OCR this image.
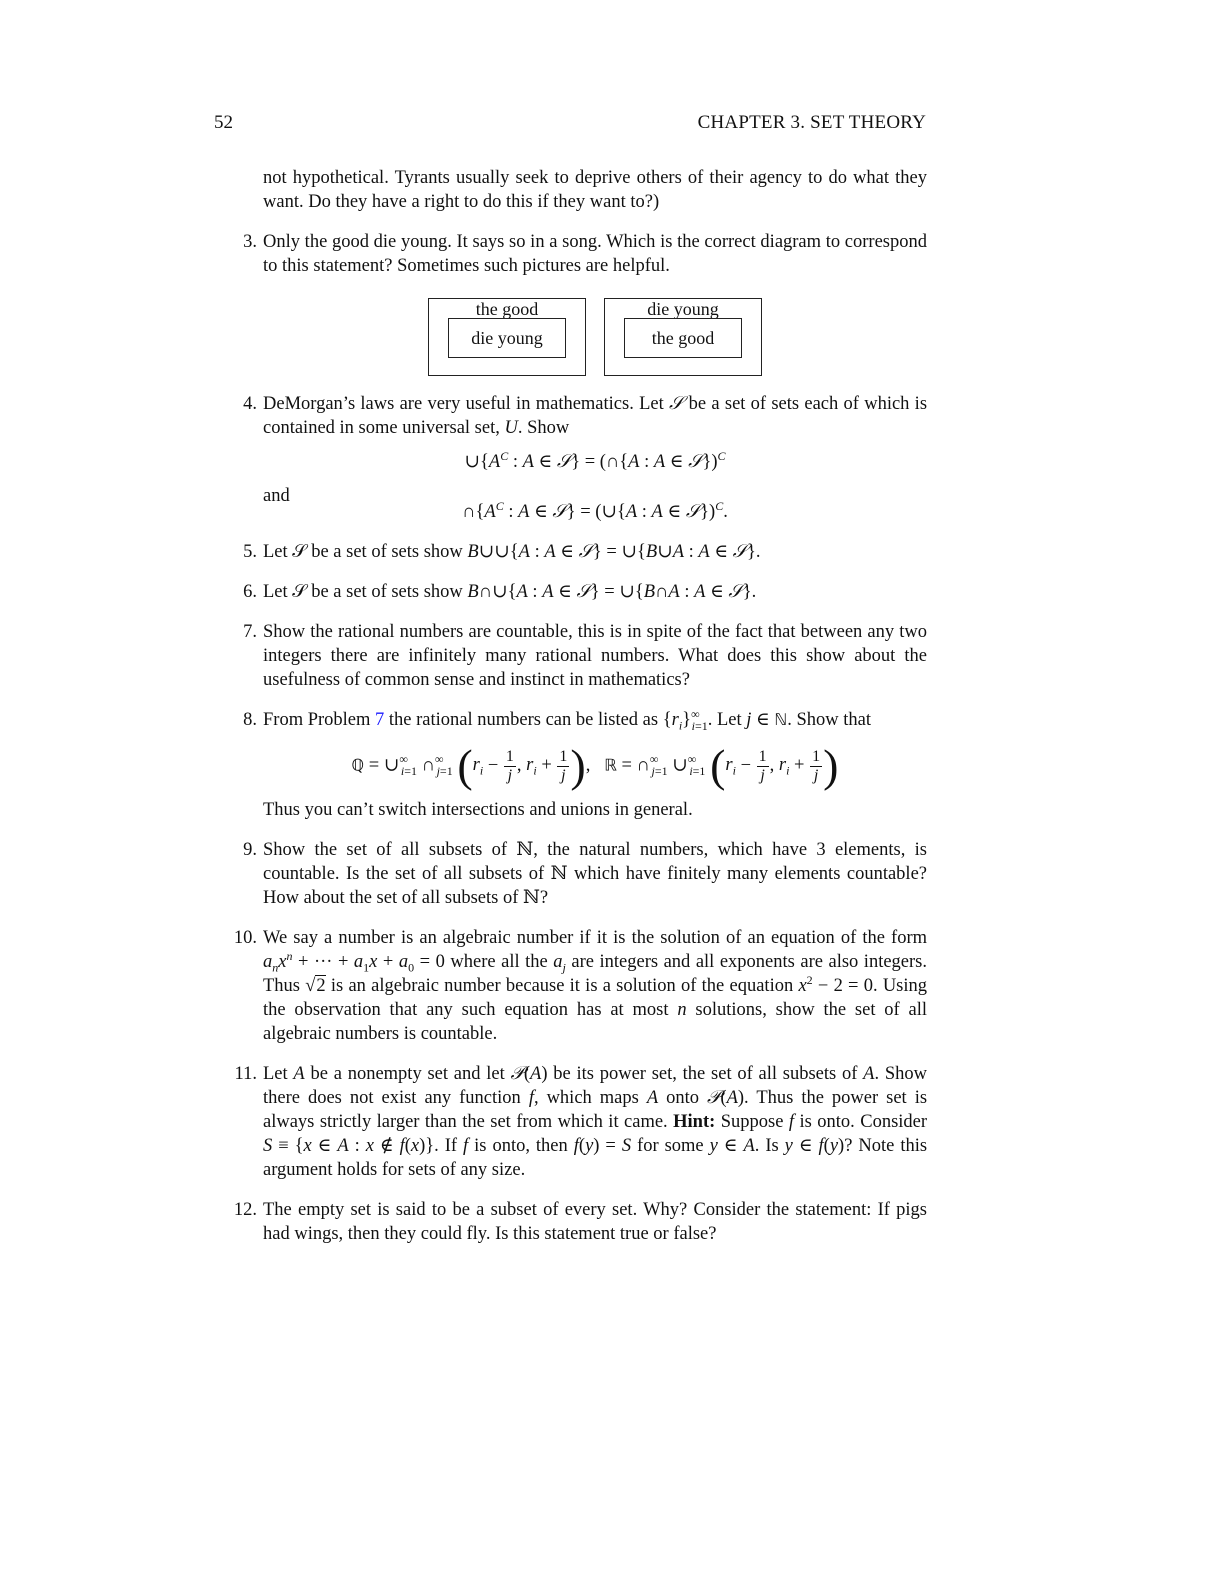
52	CHAPTER 3. SET THEORY

not hypothetical. Tyrants usually seek to deprive others of their agency to do what they want. Do they have a right to do this if they want to?)

3. Only the good die young. It says so in a song. Which is the correct diagram to correspond to this statement? Sometimes such pictures are helpful.

the good
die young
die young
the good
4. DeMorgan’s laws are very useful in mathematics. Let 𝒮 be a set of sets each of which is contained in some universal set, U. Show

$\cup\{A^C$ : A ∈ 𝒮} = (∩{A : A ∈ 𝒮})$^C$

and

$\cap\{A^C$ : A ∈ 𝒮} = (∪{A : A ∈ 𝒮})$^C$.
5. Let 𝒮 be a set of sets show B∪∪{A : A ∈ 𝒮} = ∪{B∪A : A ∈ 𝒮}.

6. Let 𝒮 be a set of sets show B∩∪{A : A ∈ 𝒮} = ∪{B∩A : A ∈ 𝒮}.

7. Show the rational numbers are countable, this is in spite of the fact that between any two integers there are infinitely many rational numbers. What does this show about the usefulness of common sense and instinct in mathematics?

8. From Problem 7 the rational numbers can be listed as $\{r_i\}^\infty_{i=1}$. Let j ∈ ℕ. Show that

ℚ = $\cup^\infty_{i=1}$ $\cap^\infty_{j=1}$ ($r_i - \frac{1}{j}$ , $r_i + \frac{1}{j}$ ),   ℝ = $\cap^\infty_{j=1}$ $\cup^\infty_{i=1}$ ($r_i - \frac{1}{j}$ , $r_i + \frac{1}{j}$ )

Thus you can’t switch intersections and unions in general.

9. Show the set of all subsets of ℕ, the natural numbers, which have 3 elements, is countable. Is the set of all subsets of ℕ which have finitely many elements countable? How about the set of all subsets of ℕ?

10. We say a number is an algebraic number if it is the solution of an equation of the form $a_nx^n$ + ··· + $a_1x + a_0 = 0$ where all the $a_j$ are integers and all exponents are also integers. Thus √2 is an algebraic number because it is a solution of the equation $x^2 - 2 = 0$. Using the observation that any such equation has at most n solutions, show the set of all algebraic numbers is countable.

11. Let A be a nonempty set and let 𝒫(A) be its power set, the set of all subsets of A. Show there does not exist any function f, which maps A onto 𝒫(A). Thus the power set is always strictly larger than the set from which it came. Hint: Suppose f is onto. Consider S ≡ {x ∈ A : x ∉ f(x)}. If f is onto, then f(y) = S for some y ∈ A. Is y ∈ f(y)? Note this argument holds for sets of any size.

12. The empty set is said to be a subset of every set. Why? Consider the statement: If pigs had wings, then they could fly. Is this statement true or false?
